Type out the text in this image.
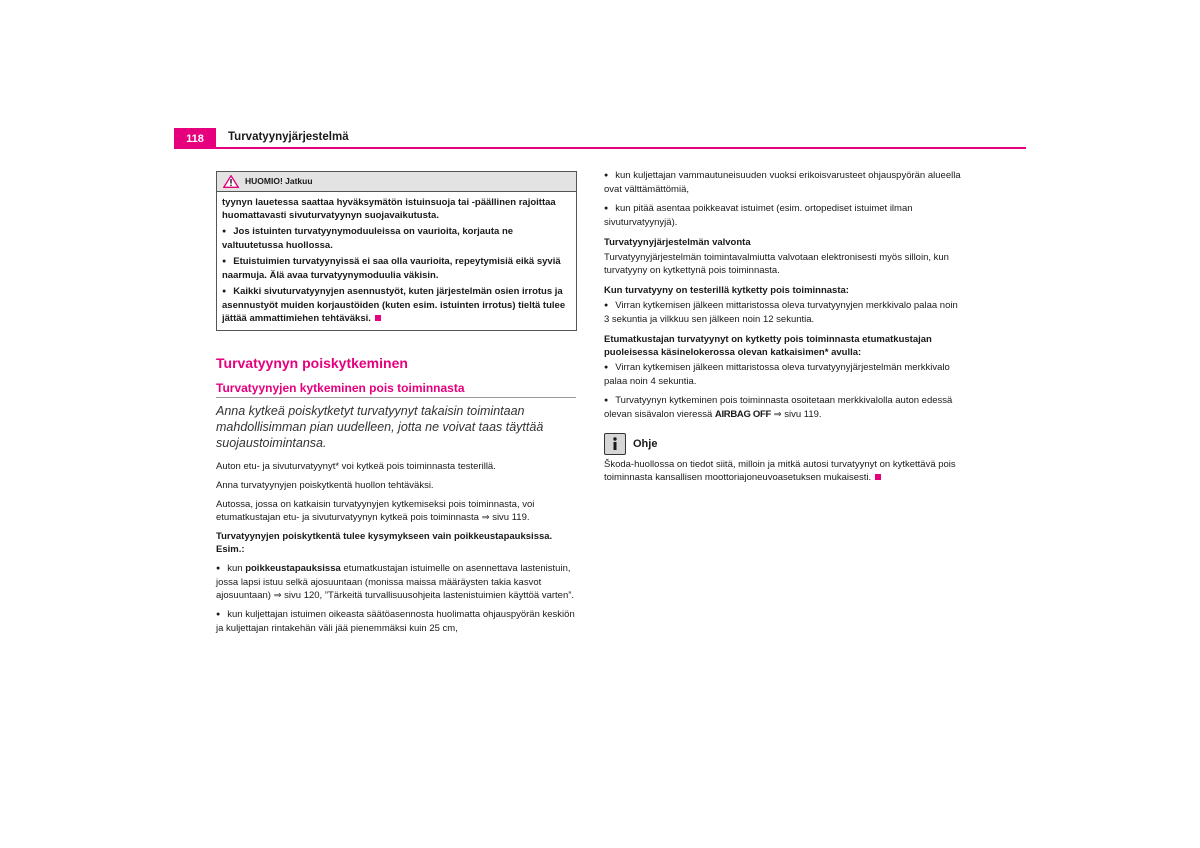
118	Turvatyynyjärjestelmä
HUOMIO! Jatkuu

tyynyn lauetessa saattaa hyväksymätön istuinsuoja tai -päällinen rajoittaa huomattavasti sivuturvatyynyn suojavaikutusta.

● Jos istuinten turvatyynymoduuleissa on vaurioita, korjauta ne valtuutetussa huollossa.

● Etuistuimien turvatyynyissä ei saa olla vaurioita, repeytymisiä eikä syviä naarmuja. Älä avaa turvatyynymoduulia väkisin.

● Kaikki sivuturvatyynyjen asennustyöt, kuten järjestelmän osien irrotus ja asennustyöt muiden korjaustöiden (kuten esim. istuinten irrotus) tieltä tulee jättää ammattimiehen tehtäväksi.

Turvatyynyn poiskytkeminen
Turvatyynyjen kytkeminen pois toiminnasta

Anna kytkeä poiskytketyt turvatyynyt takaisin toimintaan mahdollisimman pian uudelleen, jotta ne voivat taas täyttää suojaustoimintansa.

Auton etu- ja sivuturvatyynyt* voi kytkeä pois toiminnasta testerillä.

Anna turvatyynyjen poiskytkentä huollon tehtäväksi.

Autossa, jossa on katkaisin turvatyynyjen kytkemiseksi pois toiminnasta, voi etumatkustajan etu- ja sivuturvatyynyn kytkeä pois toiminnasta ⇒ sivu 119.

Turvatyynyjen poiskytkentä tulee kysymykseen vain poikkeustapauksissa. Esim.:

● kun poikkeustapauksissa etumatkustajan istuimelle on asennettava lastenistuin, jossa lapsi istuu selkä ajosuuntaan (monissa maissa määräysten takia kasvot ajosuuntaan) ⇒ sivu 120, ”Tärkeitä turvallisuusohjeita lastenistuimien käyttöä varten”.

● kun kuljettajan istuimen oikeasta säätöasennosta huolimatta ohjauspyörän keskiön ja kuljettajan rintakehän väli jää pienemmäksi kuin 25 cm,

● kun kuljettajan vammautuneisuuden vuoksi erikoisvarusteet ohjauspyörän alueella ovat välttämättömiä,

● kun pitää asentaa poikkeavat istuimet (esim. ortopediset istuimet ilman sivuturvatyynyjä).

Turvatyynyjärjestelmän valvonta

Turvatyynyjärjestelmän toimintavalmiutta valvotaan elektronisesti myös silloin, kun turvatyyny on kytkettynä pois toiminnasta.

Kun turvatyyny on testerillä kytketty pois toiminnasta:

● Virran kytkemisen jälkeen mittaristossa oleva turvatyynyjen merkkivalo palaa noin 3 sekuntia ja vilkkuu sen jälkeen noin 12 sekuntia.

Etumatkustajan turvatyynyt on kytketty pois toiminnasta etumatkustajan puoleisessa käsinelokerossa olevan katkaisimen* avulla:

● Virran kytkemisen jälkeen mittaristossa oleva turvatyynyjärjestelmän merkkivalo palaa noin 4 sekuntia.

● Turvatyynyn kytkeminen pois toiminnasta osoitetaan merkkivalolla auton edessä olevan sisävalon vieressä AIRBAG OFF ⇒ sivu 119.

Ohje

Škoda-huollossa on tiedot siitä, milloin ja mitkä autosi turvatyynyt on kytkettävä pois toiminnasta kansallisen moottoriajoneuvoasetuksen mukaisesti.
